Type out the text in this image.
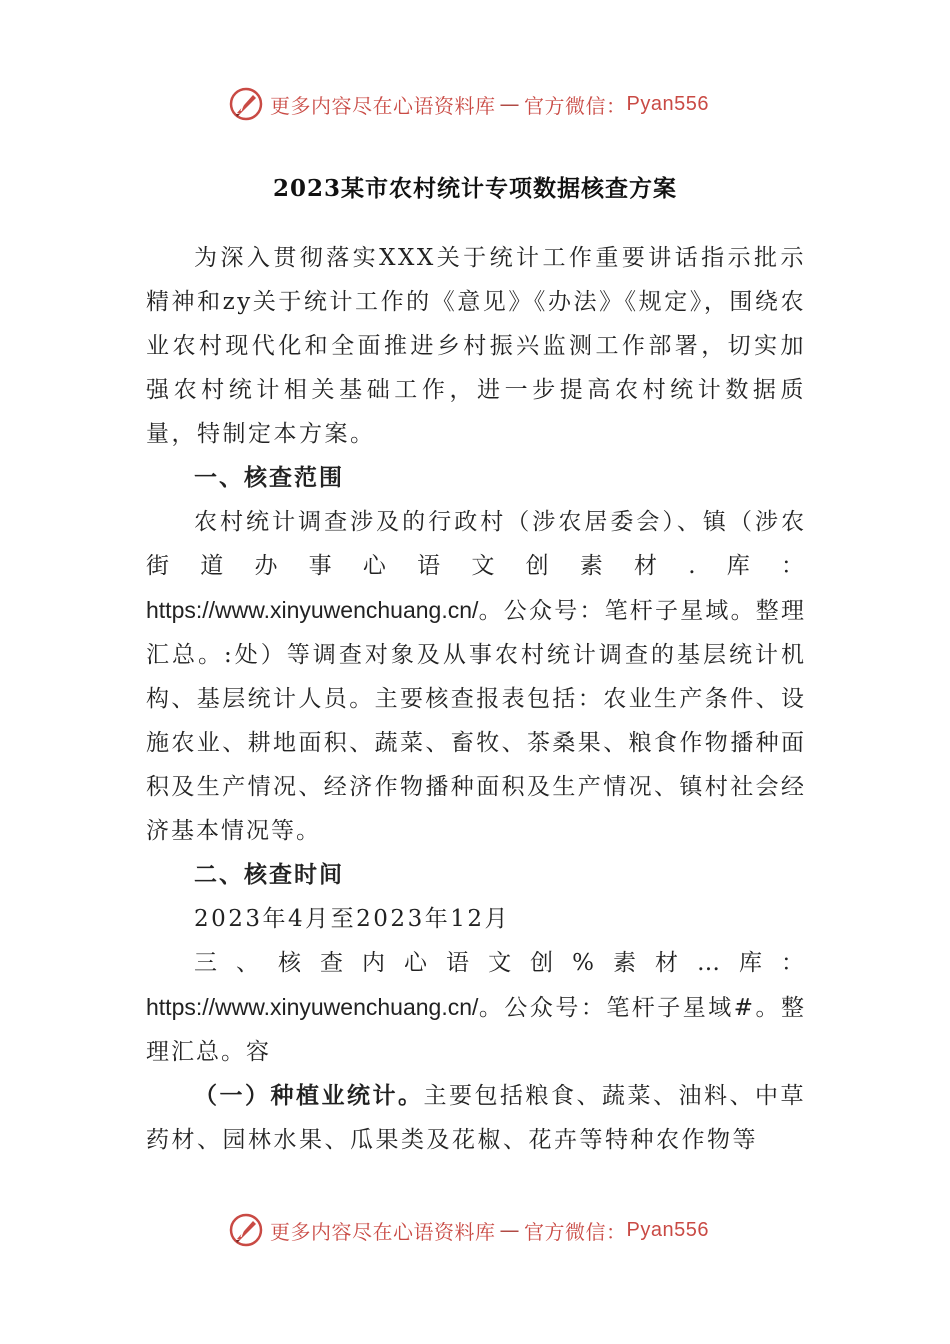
更多内容尽在心语资料库 — 官方微信： Pyan556
2023某市农村统计专项数据核查方案

为深入贯彻落实XXX关于统计工作重要讲话指示批示精神和zy关于统计工作的《意见》《办法》《规定》，围绕农业农村现代化和全面推进乡村振兴监测工作部署，切实加强农村统计相关基础工作，进一步提高农村统计数据质量，特制定本方案。

一、核查范围

农村统计调查涉及的行政村（涉农居委会）、镇（涉农街道办事心语文创素材.库：https://www.xinyuwenchuang.cn/。公众号：笔杆子星域。整理汇总。:处）等调查对象及从事农村统计调查的基层统计机构、基层统计人员。主要核查报表包括：农业生产条件、设施农业、耕地面积、蔬菜、畜牧、茶桑果、粮食作物播种面积及生产情况、经济作物播种面积及生产情况、镇村社会经济基本情况等。

二、核查时间

2023年4月至2023年12月

三、核查内心语文创%素材…库：https://www.xinyuwenchuang.cn/。公众号：笔杆子星域#。整理汇总。容

（一）种植业统计。主要包括粮食、蔬菜、油料、中草药材、园林水果、瓜果类及花椒、花卉等特种农作物等

更多内容尽在心语资料库 — 官方微信： Pyan556
